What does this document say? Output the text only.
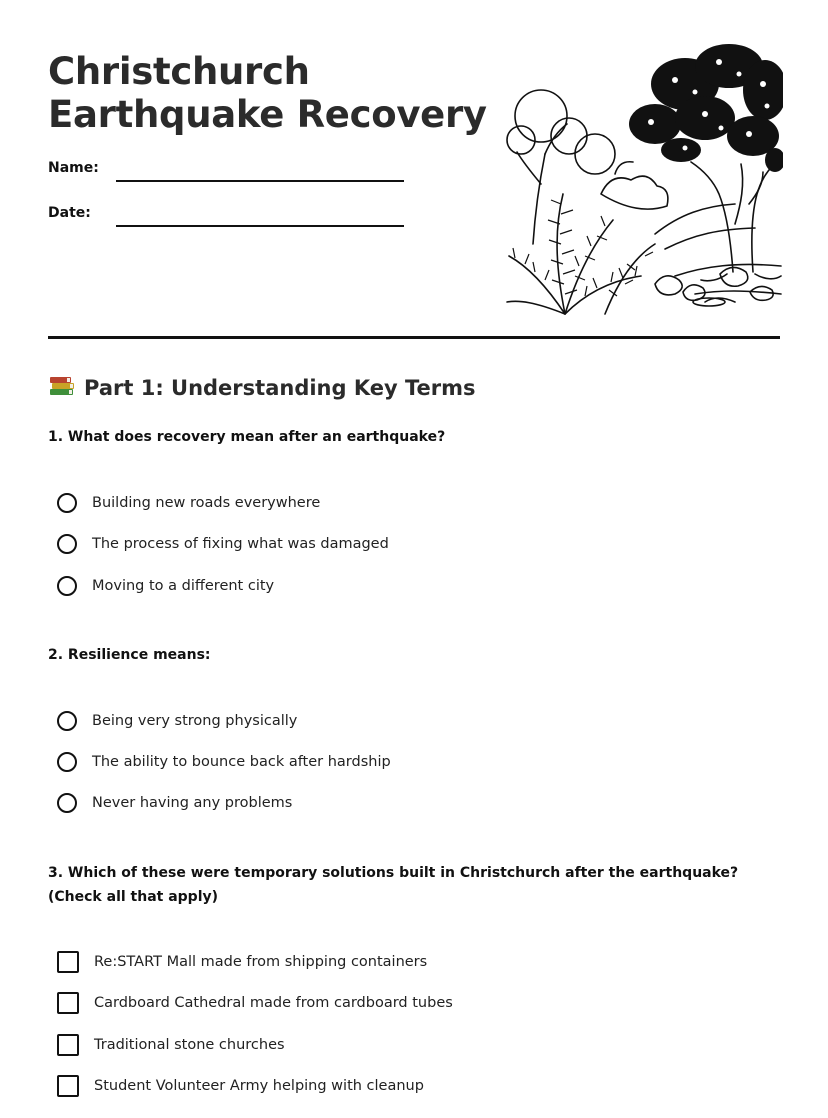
Christchurch
Earthquake Recovery
Name:
Date:
Part 1: Understanding Key Terms

1. What does recovery mean after an earthquake?

Building new roads everywhere
The process of fixing what was damaged
Moving to a different city

2. Resilience means:

Being very strong physically
The ability to bounce back after hardship
Never having any problems

3. Which of these were temporary solutions built in Christchurch after the earthquake? (Check all that apply)

Re:START Mall made from shipping containers
Cardboard Cathedral made from cardboard tubes
Traditional stone churches
Student Volunteer Army helping with cleanup
